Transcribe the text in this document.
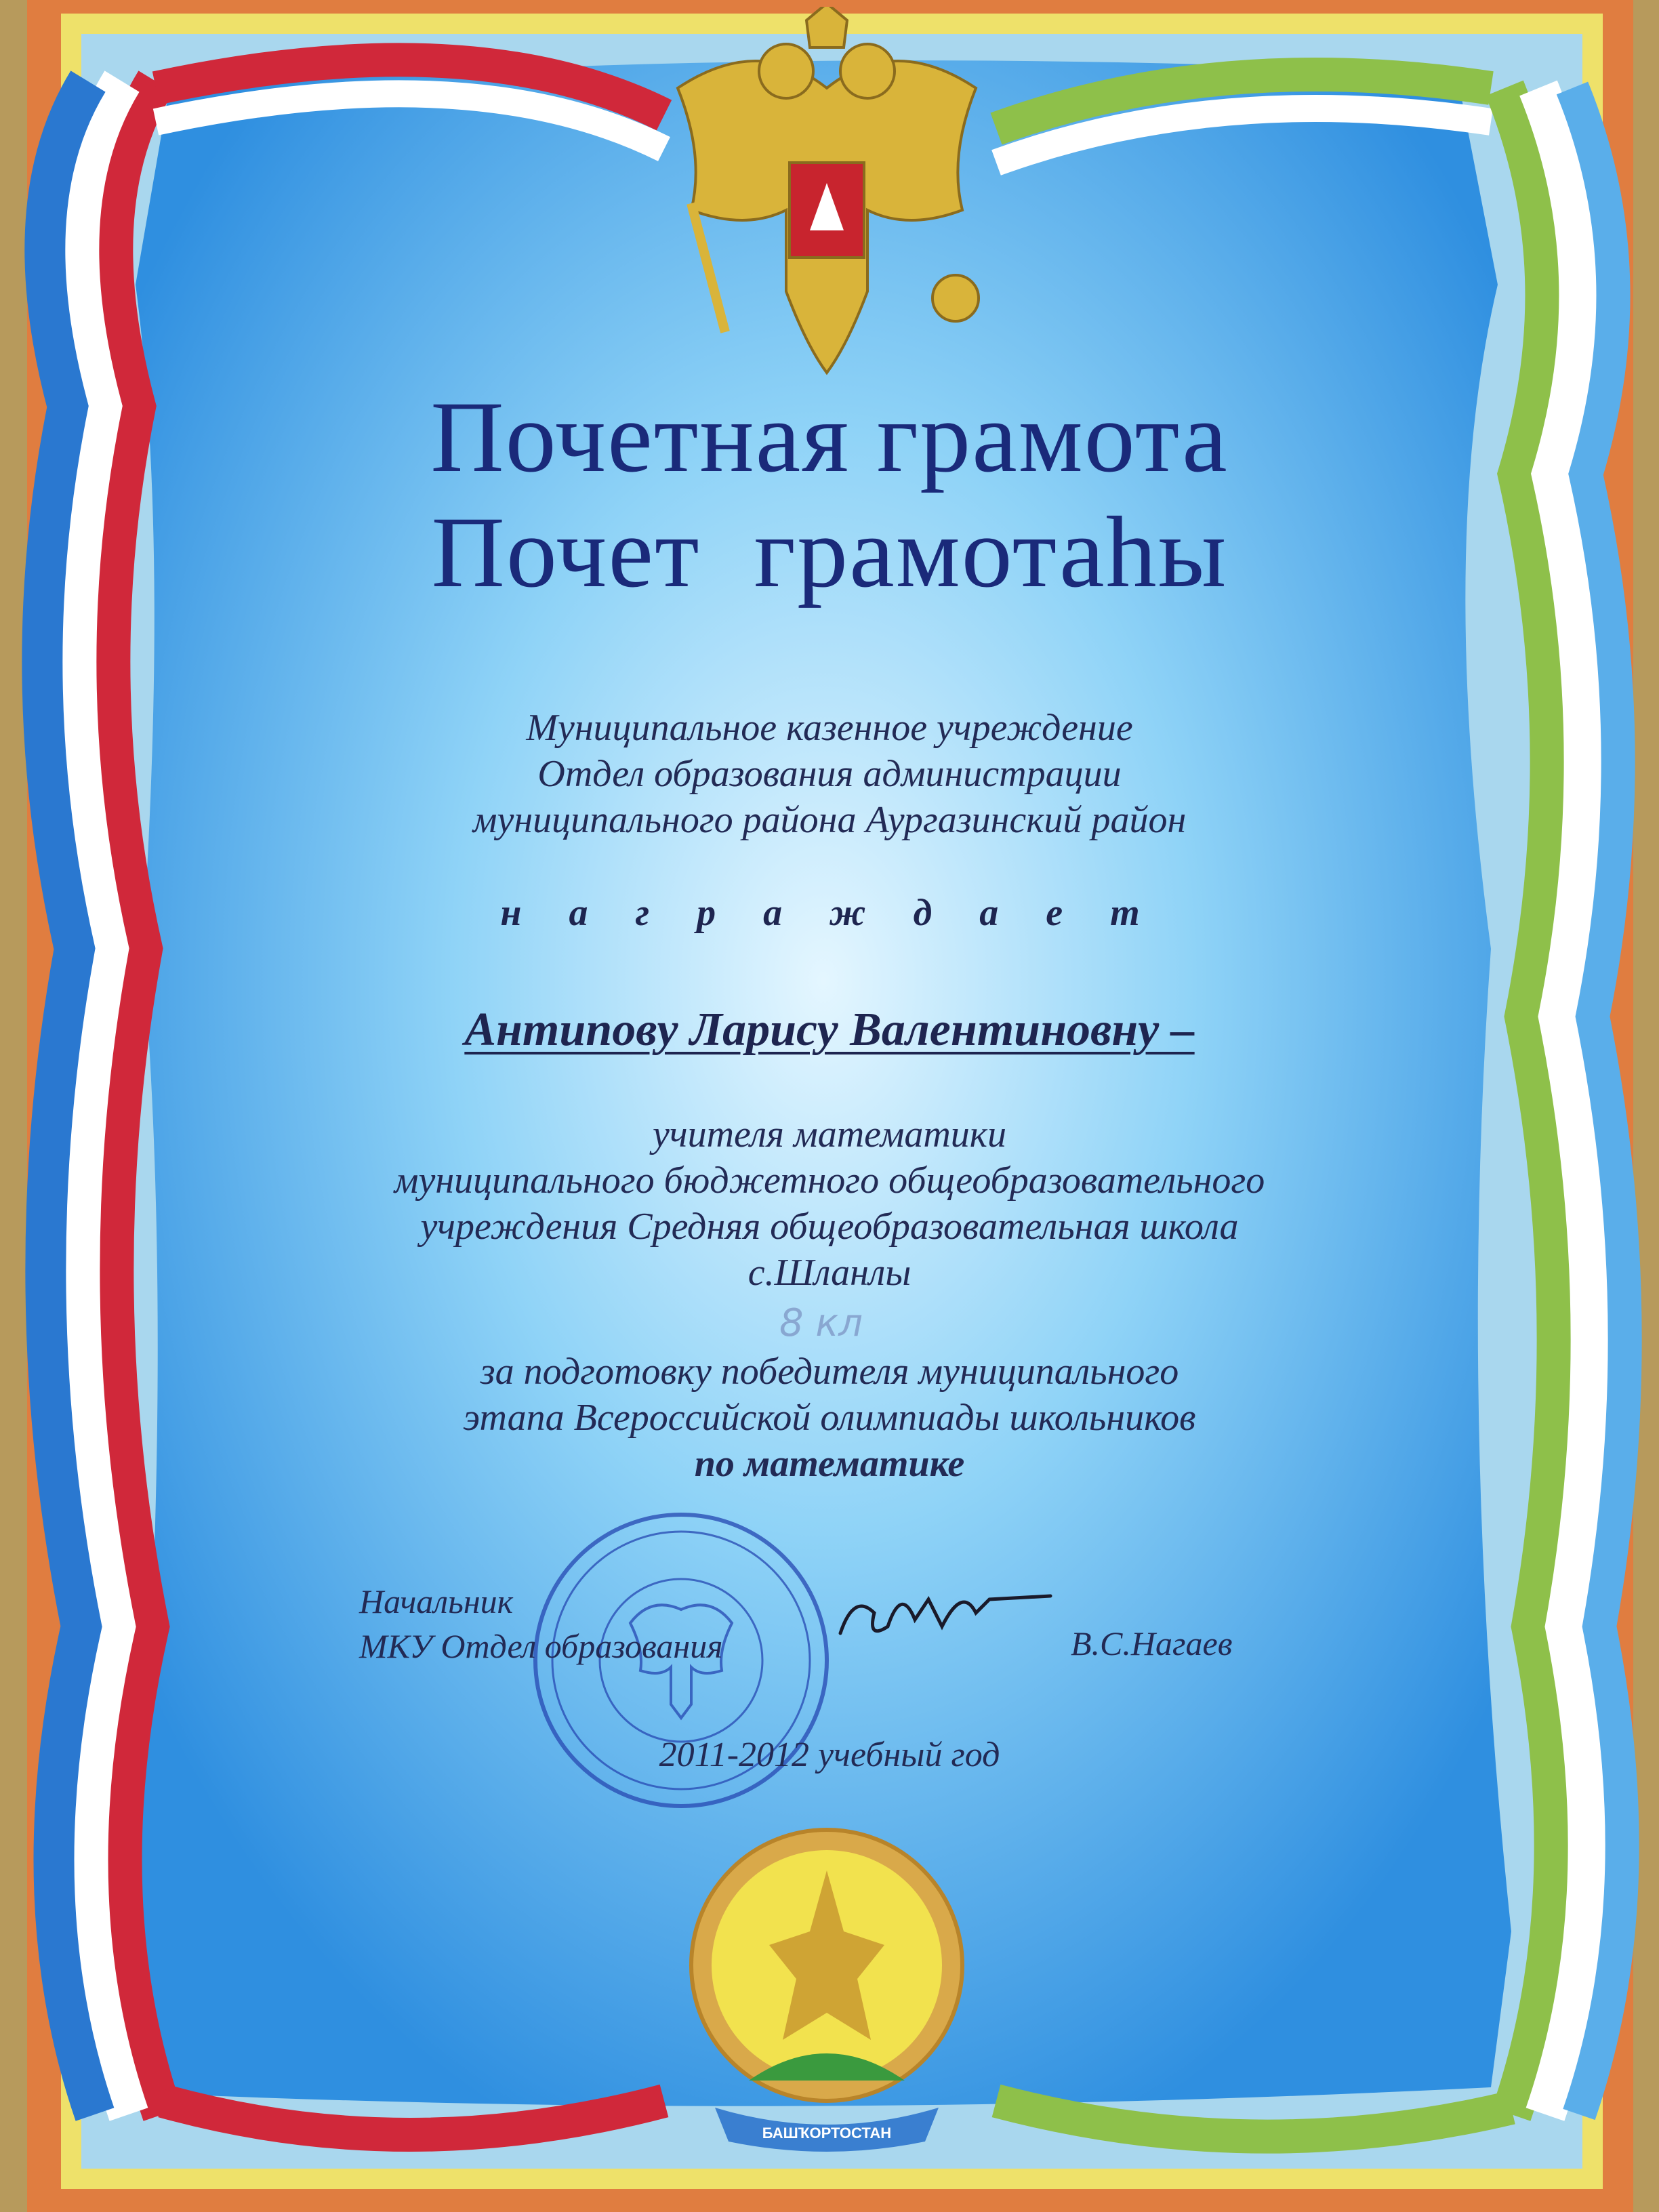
Почетная грамота
Почет  грамотаһы
Муниципальное казенное учреждение
Отдел образования администрации
муниципального района Аургазинский район
н а г р а ж д а е т
Антипову Ларису Валентиновну –
учителя математики
муниципального бюджетного общеобразовательного
учреждения Средняя общеобразовательная школа
с.Шланлы
8 кл
за подготовку победителя муниципального
этапа Всероссийской олимпиады школьников
по математике
Начальник
МКУ Отдел образования	В.С.Нагаев
2011-2012 учебный год
БАШҠОРТОСТАН
